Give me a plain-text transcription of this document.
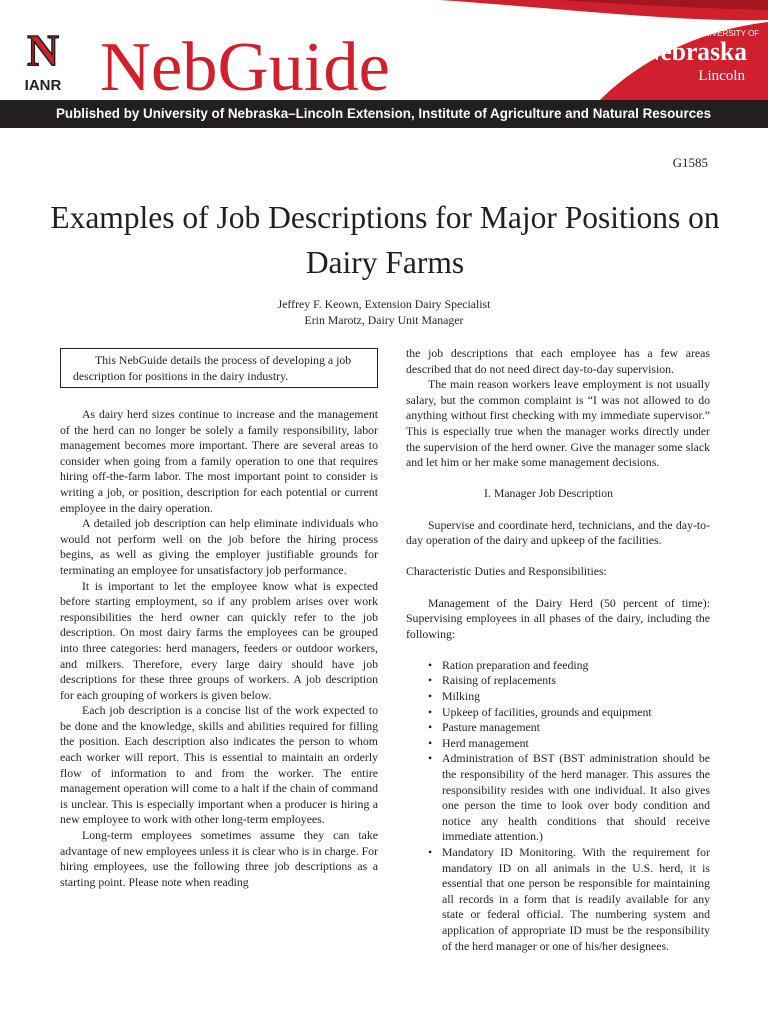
N
IANR NebGuide	UNIVERSITY OF
Nebraska
Lincoln
Published by University of Nebraska–Lincoln Extension, Institute of Agriculture and Natural Resources
G1585
Examples of Job Descriptions for Major Positions on Dairy Farms
Jeffrey F. Keown, Extension Dairy Specialist
Erin Marotz, Dairy Unit Manager
This NebGuide details the process of developing a job description for positions in the dairy industry.

As dairy herd sizes continue to increase and the management of the herd can no longer be solely a family responsibility, labor management becomes more important. There are several areas to consider when going from a family operation to one that requires hiring off-the-farm labor. The most important point to consider is writing a job, or position, description for each potential or current employee in the dairy operation.

A detailed job description can help eliminate individuals who would not perform well on the job before the hiring process begins, as well as giving the employer justifiable grounds for terminating an employee for unsatisfactory job performance.

It is important to let the employee know what is expected before starting employment, so if any problem arises over work responsibilities the herd owner can quickly refer to the job description. On most dairy farms the employees can be grouped into three categories: herd managers, feeders or outdoor workers, and milkers. Therefore, every large dairy should have job descriptions for these three groups of workers. A job description for each grouping of workers is given below.

Each job description is a concise list of the work expected to be done and the knowledge, skills and abilities required for filling the position. Each description also indicates the person to whom each worker will report. This is essential to maintain an orderly flow of information to and from the worker. The entire management operation will come to a halt if the chain of command is unclear. This is especially important when a producer is hiring a new employee to work with other long-term employees.

Long-term employees sometimes assume they can take advantage of new employees unless it is clear who is in charge. For hiring employees, use the following three job descriptions as a starting point. Please note when reading

the job descriptions that each employee has a few areas described that do not need direct day-to-day supervision.

The main reason workers leave employment is not usually salary, but the common complaint is “I was not allowed to do anything without first checking with my immediate supervisor.” This is especially true when the manager works directly under the supervision of the herd owner. Give the manager some slack and let him or her make some management decisions.

I. Manager Job Description

Supervise and coordinate herd, technicians, and the day-to-day operation of the dairy and upkeep of the facilities.

Characteristic Duties and Responsibilities:

Management of the Dairy Herd (50 percent of time): Supervising employees in all phases of the dairy, including the following:

• Ration preparation and feeding
• Raising of replacements
• Milking
• Upkeep of facilities, grounds and equipment
• Pasture management
• Herd management
• Administration of BST (BST administration should be the responsibility of the herd manager. This assures the responsibility resides with one individual. It also gives one person the time to look over body condition and notice any health conditions that should receive immediate attention.)
• Mandatory ID Monitoring. With the requirement for mandatory ID on all animals in the U.S. herd, it is essential that one person be responsible for maintaining all records in a form that is readily available for any state or federal official. The numbering system and application of appropriate ID must be the responsibility of the herd manager or one of his/her designees.
